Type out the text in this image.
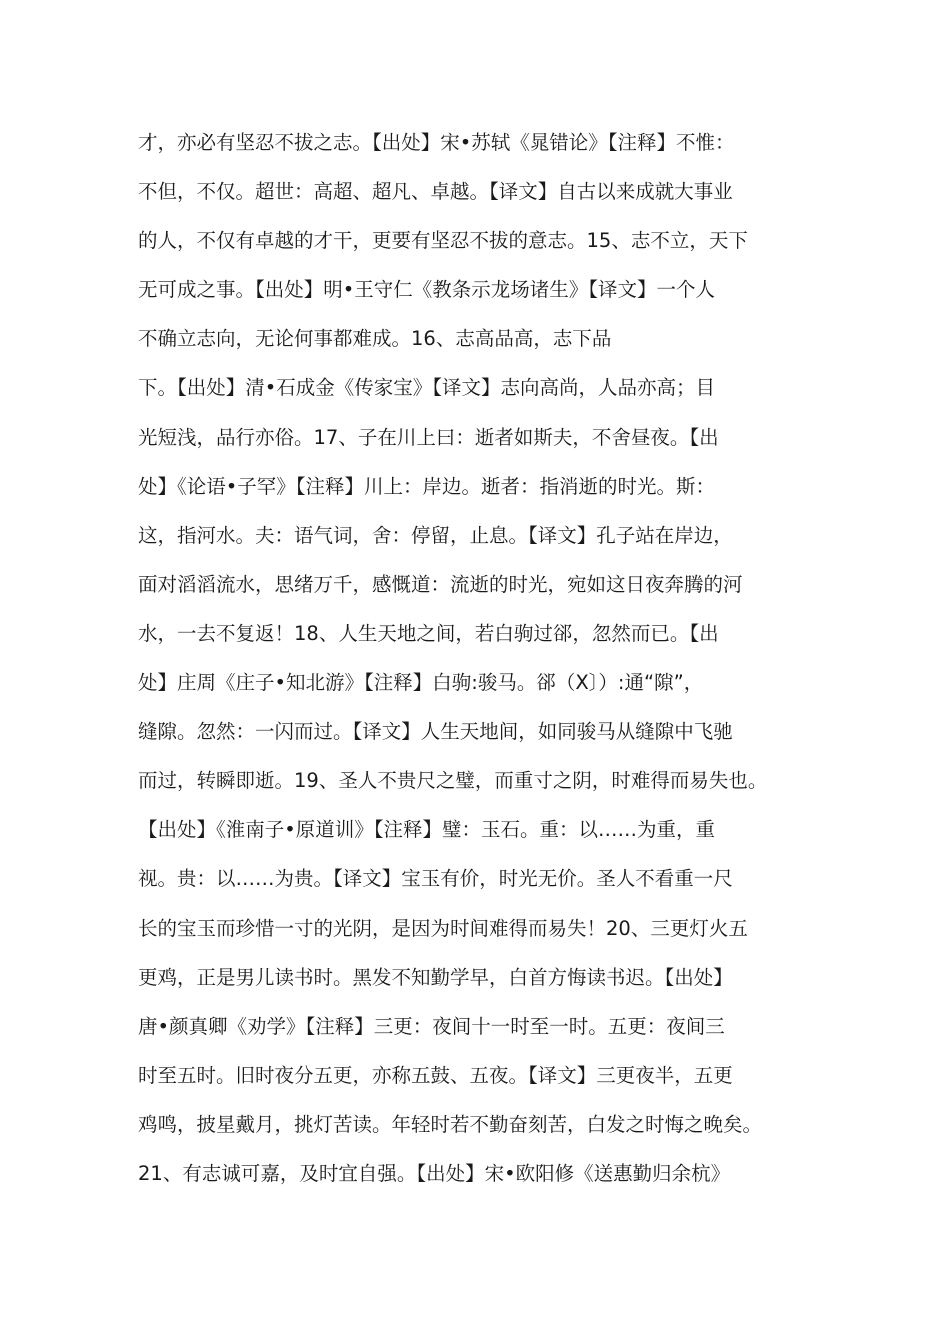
才，亦必有坚忍不拔之志。【出处】宋•苏轼《晁错论》【注释】不惟：
不但，不仅。超世：高超、超凡、卓越。【译文】自古以来成就大事业
的人，不仅有卓越的才干，更要有坚忍不拔的意志。15、志不立，天下
无可成之事。【出处】明•王守仁《教条示龙场诸生》【译文】一个人
不确立志向，无论何事都难成。16、志高品高，志下品
下。【出处】清•石成金《传家宝》【译文】志向高尚，人品亦高；目
光短浅，品行亦俗。17、子在川上曰：逝者如斯夫，不舍昼夜。【出
处】《论语•子罕》【注释】川上：岸边。逝者：指消逝的时光。斯：
这，指河水。夫：语气词，舍：停留，止息。【译文】孔子站在岸边，
面对滔滔流水，思绪万千，感慨道：流逝的时光，宛如这日夜奔腾的河
水，一去不复返！18、人生天地之间，若白驹过郤，忽然而已。【出
处】庄周《庄子•知北游》【注释】白驹:骏马。郤（X〕）:通“隙”，
缝隙。忽然：一闪而过。【译文】人生天地间，如同骏马从缝隙中飞驰
而过，转瞬即逝。19、圣人不贵尺之璧，而重寸之阴，时难得而易失也。
【出处】《淮南子•原道训》【注释】璧：玉石。重：以……为重，重
视。贵：以……为贵。【译文】宝玉有价，时光无价。圣人不看重一尺
长的宝玉而珍惜一寸的光阴，是因为时间难得而易失！20、三更灯火五
更鸡，正是男儿读书时。黑发不知勤学早，白首方悔读书迟。【出处】
唐•颜真卿《劝学》【注释】三更：夜间十一时至一时。五更：夜间三
时至五时。旧时夜分五更，亦称五鼓、五夜。【译文】三更夜半，五更
鸡鸣，披星戴月，挑灯苦读。年轻时若不勤奋刻苦，白发之时悔之晚矣。
21、有志诚可嘉，及时宜自强。【出处】宋•欧阳修《送惠勤归余杭》
